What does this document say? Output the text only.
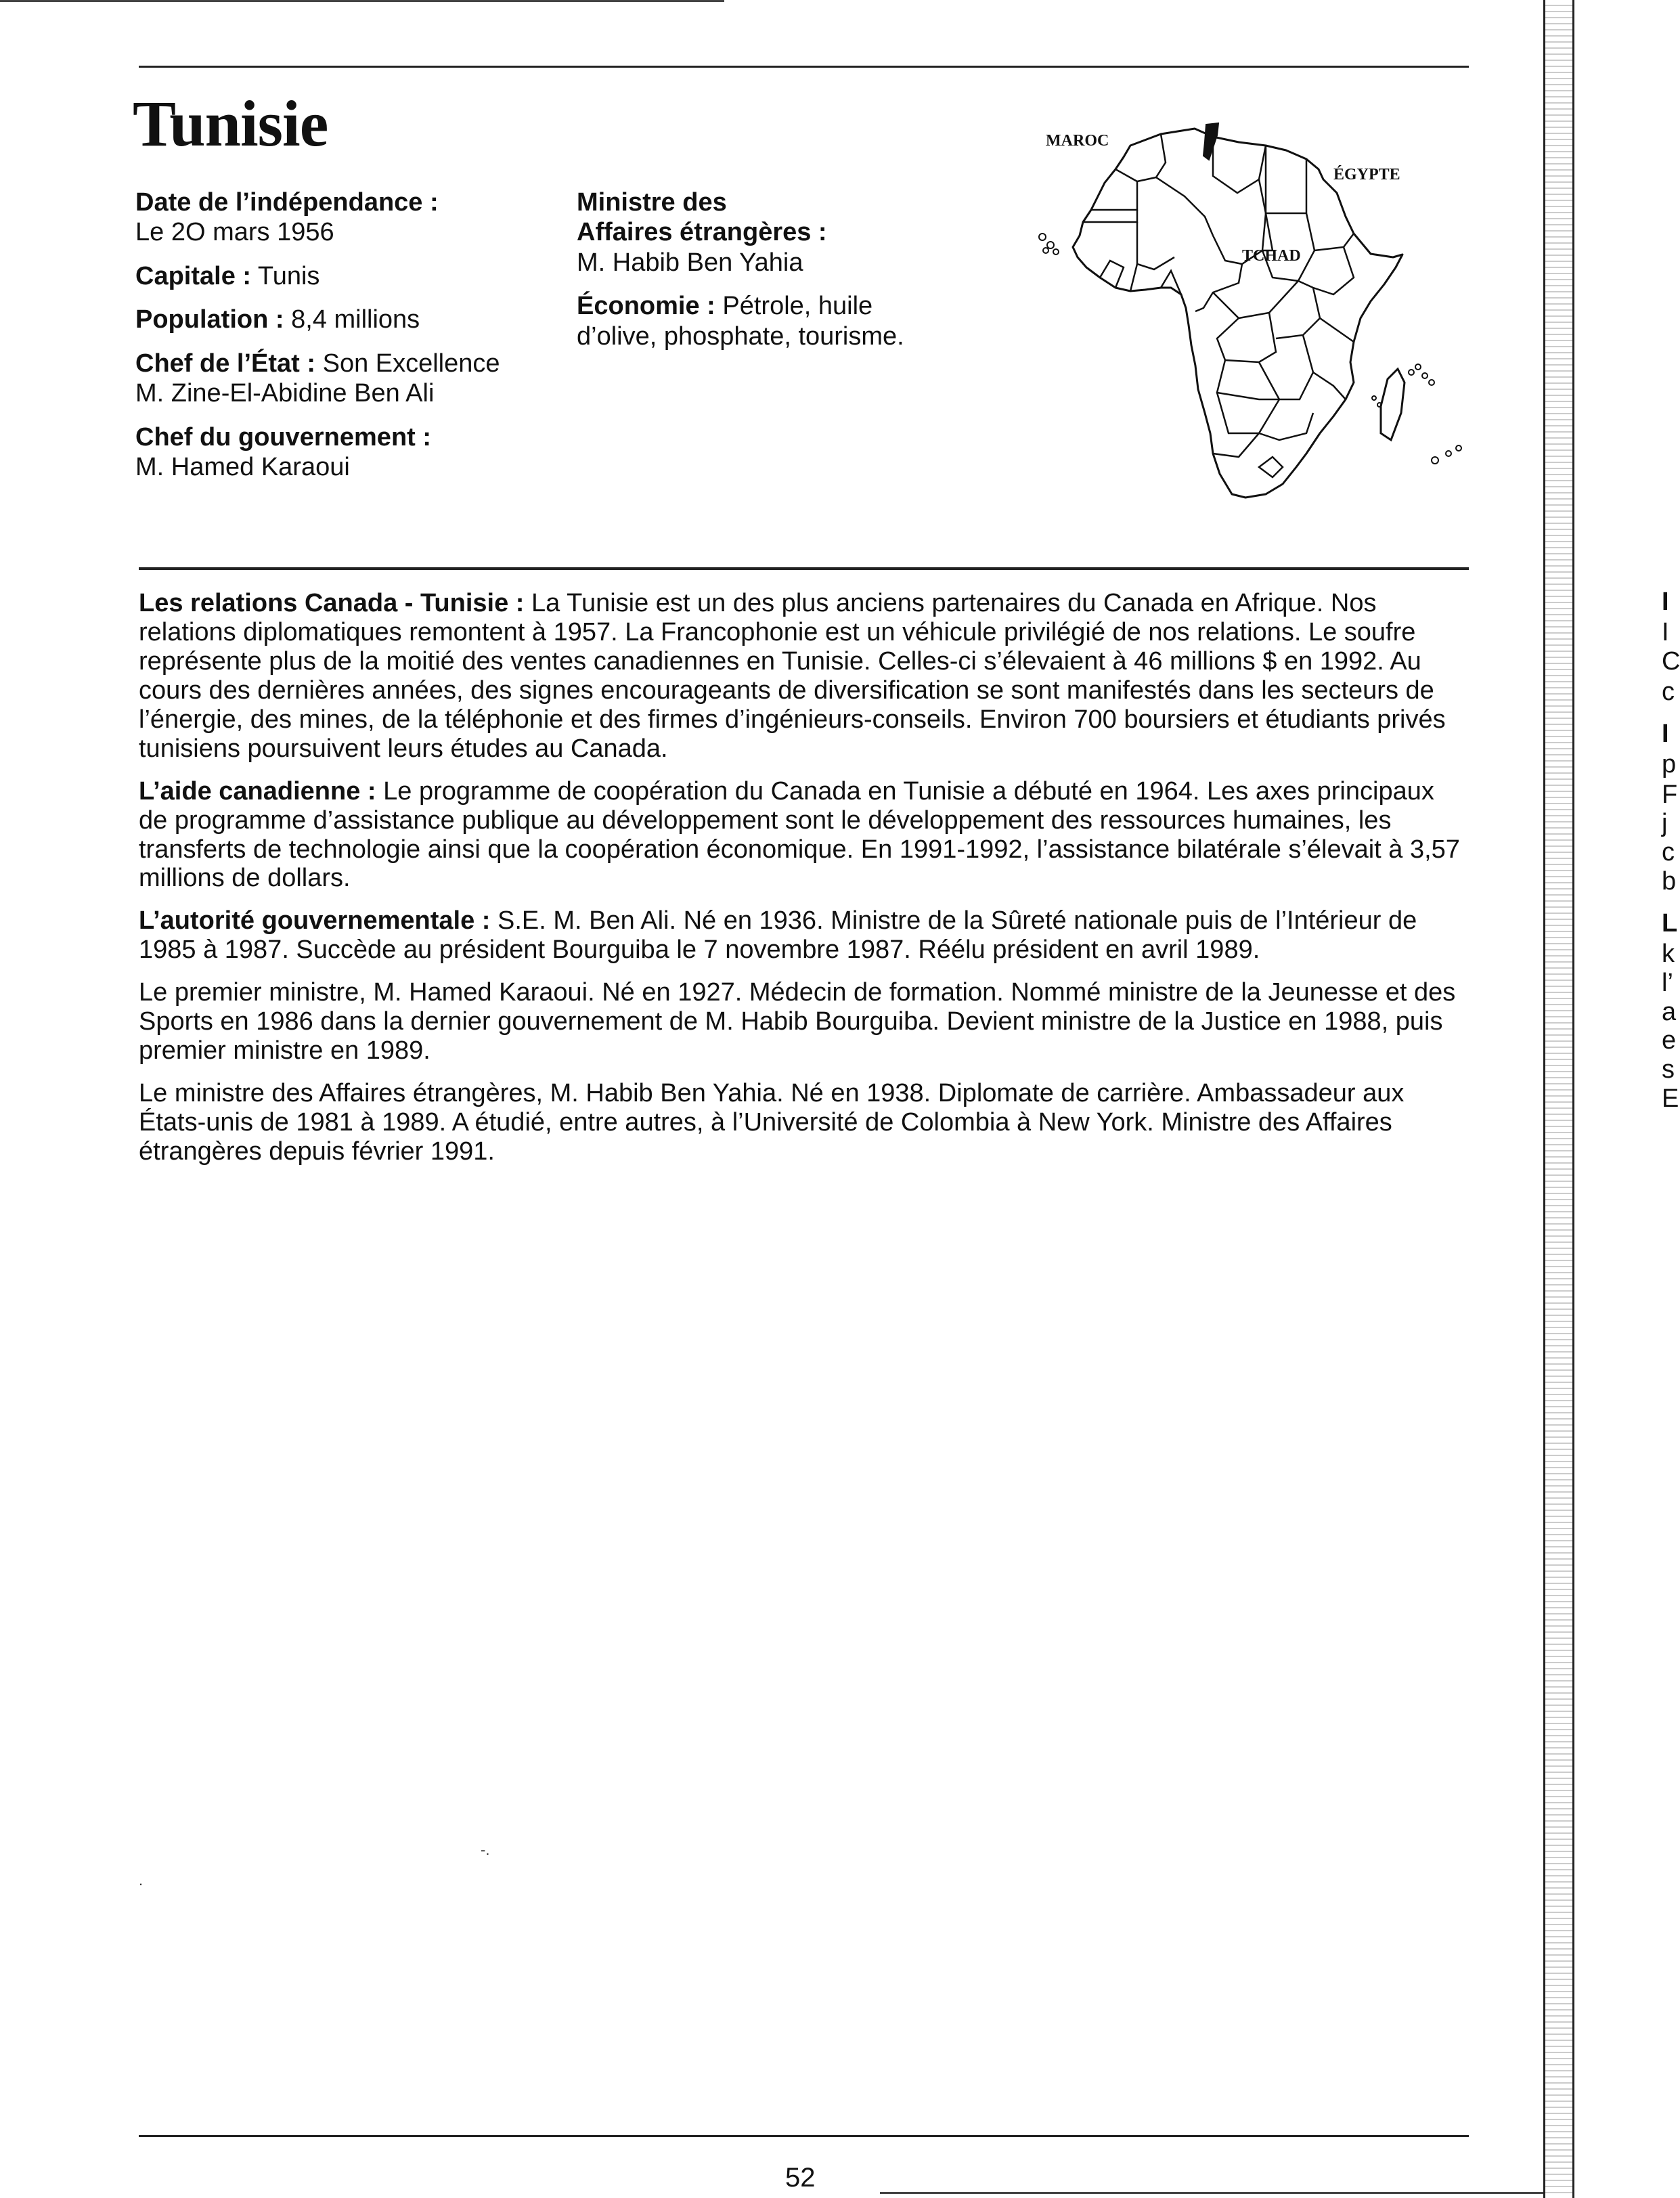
I
I
C
c
I
p
F
j
c
b
L
k
l’
a
e
s
E
Tunisie
Date de l’indépendance :
Le 2O mars 1956
Capitale : Tunis
Population : 8,4 millions
Chef de l’État : Son Excellence
M. Zine-El-Abidine Ben Ali
Chef du gouvernement :
M. Hamed Karaoui
Ministre des
Affaires étrangères :
M. Habib Ben Yahia
Économie : Pétrole, huile
d’olive, phosphate, tourisme.
MAROC
ÉGYPTE
TCHAD

Les relations Canada - Tunisie : La Tunisie est un des plus anciens partenaires du Canada en Afrique. Nos relations diplomatiques remontent à 1957. La Francophonie est un véhicule privilégié de nos relations. Le soufre représente plus de la moitié des ventes canadiennes en Tunisie. Celles-ci s’élevaient à 46 millions $ en 1992. Au cours des dernières années, des signes encourageants de diversification se sont manifestés dans les secteurs de l’énergie, des mines, de la téléphonie et des firmes d’ingénieurs-conseils. Environ 700 boursiers et étudiants privés tunisiens poursuivent leurs études au Canada.

L’aide canadienne : Le programme de coopération du Canada en Tunisie a débuté en 1964. Les axes principaux de programme d’assistance publique au développement sont le développement des ressources humaines, les transferts de technologie ainsi que la coopération économique. En 1991-1992, l’assistance bilatérale s’élevait à 3,57 millions de dollars.

L’autorité gouvernementale : S.E. M. Ben Ali. Né en 1936. Ministre de la Sûreté nationale puis de l’Intérieur de 1985 à 1987. Succède au président Bourguiba le 7 novembre 1987. Réélu président en avril 1989.

Le premier ministre, M. Hamed Karaoui. Né en 1927. Médecin de formation. Nommé ministre de la Jeunesse et des Sports en 1986 dans la dernier gouvernement de M. Habib Bourguiba. Devient ministre de la Justice en 1988, puis premier ministre en 1989.

Le ministre des Affaires étrangères, M. Habib Ben Yahia. Né en 1938. Diplomate de carrière. Ambassadeur aux États-unis de 1981 à 1989. A étudié, entre autres, à l’Université de Colombia à New York. Ministre des Affaires étrangères depuis février 1991.

-.
.
52
